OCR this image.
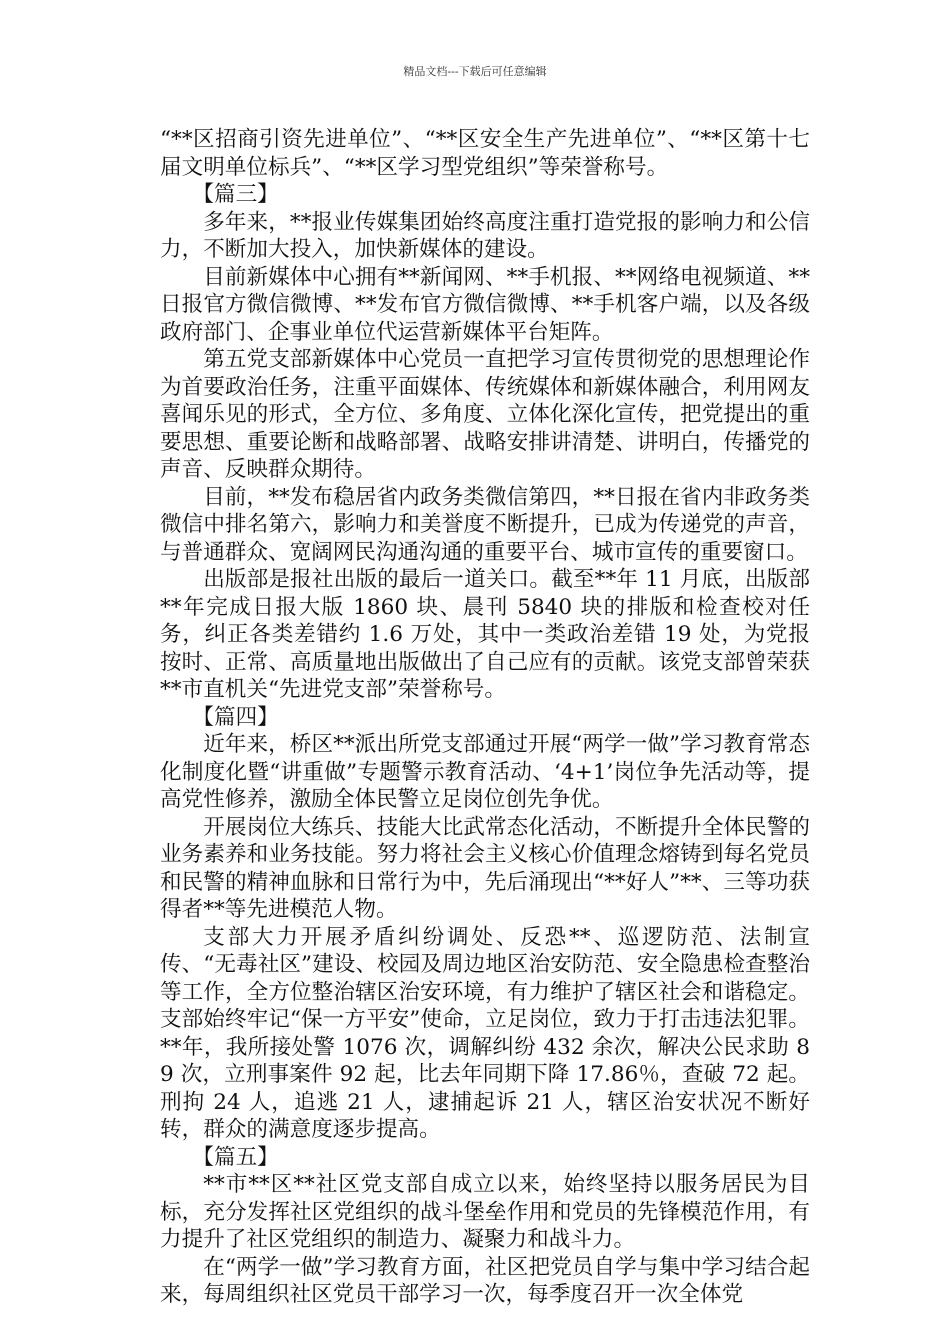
精品文档---下载后可任意编辑

“**区招商引资先进单位”、“**区安全生产先进单位”、“**区第十七届文明单位标兵”、“**区学习型党组织”等荣誉称号。

【篇三】

多年来，**报业传媒集团始终高度注重打造党报的影响力和公信力，不断加大投入，加快新媒体的建设。

目前新媒体中心拥有**新闻网、**手机报、**网络电视频道、**日报官方微信微博、**发布官方微信微博、**手机客户端，以及各级政府部门、企事业单位代运营新媒体平台矩阵。

第五党支部新媒体中心党员一直把学习宣传贯彻党的思想理论作为首要政治任务，注重平面媒体、传统媒体和新媒体融合，利用网友喜闻乐见的形式，全方位、多角度、立体化深化宣传，把党提出的重要思想、重要论断和战略部署、战略安排讲清楚、讲明白，传播党的声音、反映群众期待。

目前，**发布稳居省内政务类微信第四，**日报在省内非政务类微信中排名第六，影响力和美誉度不断提升，已成为传递党的声音，与普通群众、宽阔网民沟通沟通的重要平台、城市宣传的重要窗口。

出版部是报社出版的最后一道关口。截至**年 11 月底，出版部**年完成日报大版 1860 块、晨刊 5840 块的排版和检查校对任务，纠正各类差错约 1.6 万处，其中一类政治差错 19 处，为党报按时、正常、高质量地出版做出了自己应有的贡献。该党支部曾荣获**市直机关“先进党支部”荣誉称号。

【篇四】

近年来，桥区**派出所党支部通过开展“两学一做”学习教育常态化制度化暨“讲重做”专题警示教育活动、‘4+1’岗位争先活动等，提高党性修养，激励全体民警立足岗位创先争优。

开展岗位大练兵、技能大比武常态化活动，不断提升全体民警的业务素养和业务技能。努力将社会主义核心价值理念熔铸到每名党员和民警的精神血脉和日常行为中，先后涌现出“**好人”**、三等功获得者**等先进模范人物。

支部大力开展矛盾纠纷调处、反恐**、巡逻防范、法制宣传、“无毒社区”建设、校园及周边地区治安防范、安全隐患检查整治等工作，全方位整治辖区治安环境，有力维护了辖区社会和谐稳定。支部始终牢记“保一方平安”使命，立足岗位，致力于打击违法犯罪。**年，我所接处警 1076 次，调解纠纷 432 余次，解决公民求助 89 次，立刑事案件 92 起，比去年同期下降 17.86％，查破 72 起。刑拘 24 人，追逃 21 人，逮捕起诉 21 人，辖区治安状况不断好转，群众的满意度逐步提高。

【篇五】

**市**区**社区党支部自成立以来，始终坚持以服务居民为目标，充分发挥社区党组织的战斗堡垒作用和党员的先锋模范作用，有力提升了社区党组织的制造力、凝聚力和战斗力。

在“两学一做”学习教育方面，社区把党员自学与集中学习结合起来，每周组织社区党员干部学习一次，每季度召开一次全体党
